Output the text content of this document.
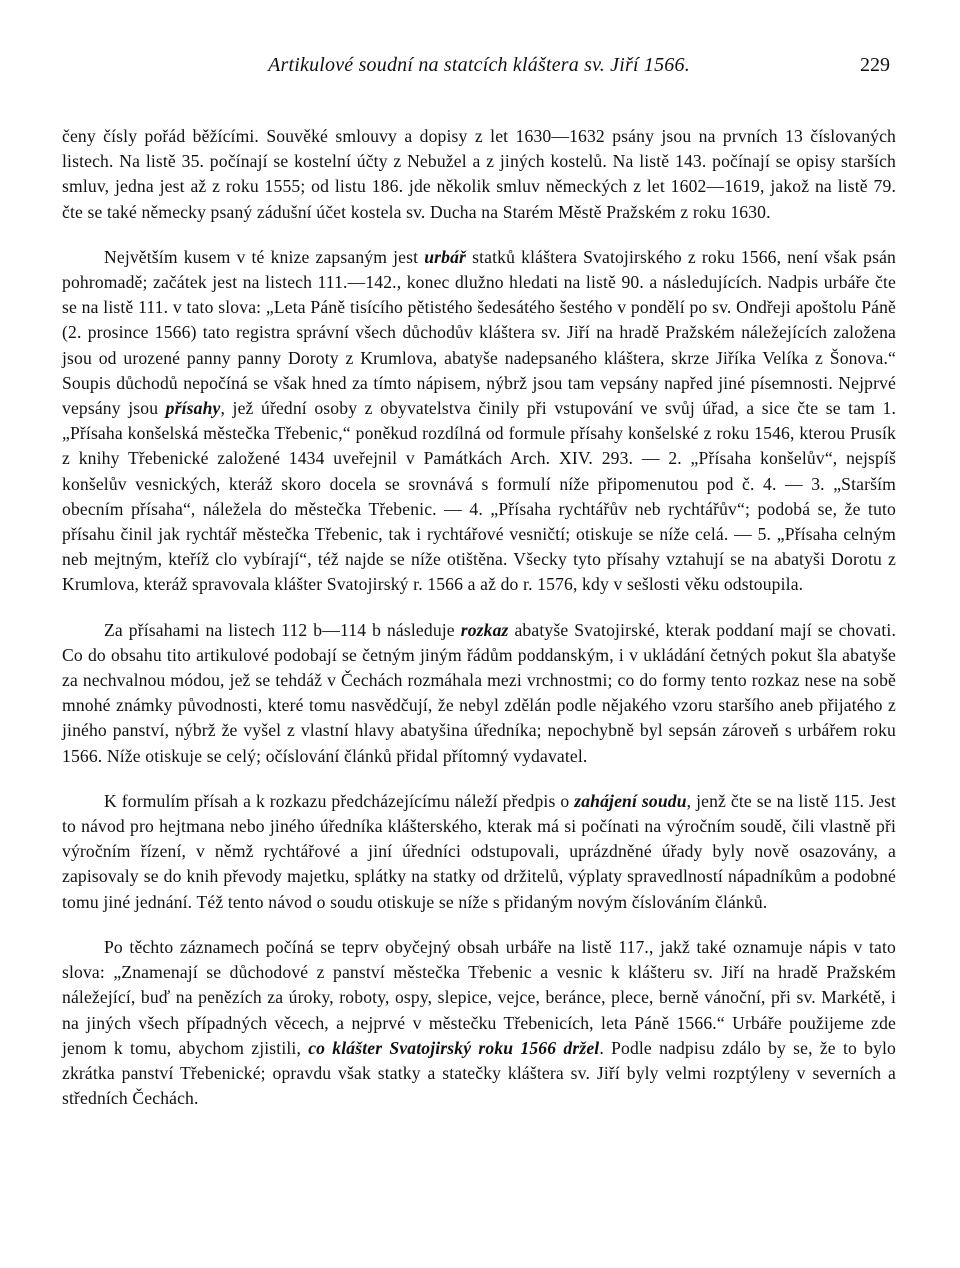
Artikulové soudní na statcích kláštera sv. Jiří 1566.	229

čeny čísly pořád běžícími. Souvěké smlouvy a dopisy z let 1630—1632 psány jsou na prvních 13 číslovaných listech. Na listě 35. počínají se kostelní účty z Nebužel a z jiných kostelů. Na listě 143. počínají se opisy starších smluv, jedna jest až z roku 1555; od listu 186. jde několik smluv německých z let 1602—1619, jakož na listě 79. čte se také německy psaný zádušní účet kostela sv. Ducha na Starém Městě Pražském z roku 1630.

Největším kusem v té knize zapsaným jest urbář statků kláštera Svatojirského z roku 1566, není však psán pohromadě; začátek jest na listech 111.—142., konec dlužno hledati na listě 90. a následujících. Nadpis urbáře čte se na listě 111. v tato slova: „Leta Páně tisícího pětistého šedesátého šestého v pondělí po sv. Ondřeji apoštolu Páně (2. prosince 1566) tato registra správní všech důchodův kláštera sv. Jiří na hradě Pražském náležejících založena jsou od urozené panny panny Doroty z Krumlova, abatyše nadepsaného kláštera, skrze Jiříka Velíka z Šonova.“ Soupis důchodů nepočíná se však hned za tímto nápisem, nýbrž jsou tam vepsány napřed jiné písemnosti. Nejprvé vepsány jsou přísahy, jež úřední osoby z obyvatelstva činily při vstupování ve svůj úřad, a sice čte se tam 1. „Přísaha konšelská městečka Třebenic,“ poněkud rozdílná od formule přísahy konšelské z roku 1546, kterou Prusík z knihy Třebenické založené 1434 uveřejnil v Památkách Arch. XIV. 293. — 2. „Přísaha konšelův“, nejspíš konšelův vesnických, kteráž skoro docela se srovnává s formulí níže připomenutou pod č. 4. — 3. „Starším obecním přísaha“, náležela do městečka Třebenic. — 4. „Přísaha rychtářův neb rychtářův“; podobá se, že tuto přísahu činil jak rychtář městečka Třebenic, tak i rychtářové vesničtí; otiskuje se níže celá. — 5. „Přísaha celným neb mejtným, kteříž clo vybírají“, též najde se níže otištěna. Všecky tyto přísahy vztahují se na abatyši Dorotu z Krumlova, kteráž spravovala klášter Svatojirský r. 1566 a až do r. 1576, kdy v sešlosti věku odstoupila.

Za přísahami na listech 112 b—114 b následuje rozkaz abatyše Svatojirské, kterak poddaní mají se chovati. Co do obsahu tito artikulové podobají se četným jiným řádům poddanským, i v ukládání četných pokut šla abatyše za nechvalnou módou, jež se tehdáž v Čechách rozmáhala mezi vrchnostmi; co do formy tento rozkaz nese na sobě mnohé známky původnosti, které tomu nasvědčují, že nebyl zdělán podle nějakého vzoru staršího aneb přijatého z jiného panství, nýbrž že vyšel z vlastní hlavy abatyšina úředníka; nepochybně byl sepsán zároveň s urbářem roku 1566. Níže otiskuje se celý; očíslování článků přidal přítomný vydavatel.

K formulím přísah a k rozkazu předcházejícímu náleží předpis o zahájení soudu, jenž čte se na listě 115. Jest to návod pro hejtmana nebo jiného úředníka klášterského, kterak má si počínati na výročním soudě, čili vlastně při výročním řízení, v němž rychtářové a jiní úředníci odstupovali, uprázdněné úřady byly nově osazovány, a zapisovaly se do knih převody majetku, splátky na statky od držitelů, výplaty spravedlností nápadníkům a podobné tomu jiné jednání. Též tento návod o soudu otiskuje se níže s přidaným novým číslováním článků.

Po těchto záznamech počíná se teprv obyčejný obsah urbáře na listě 117., jakž také oznamuje nápis v tato slova: „Znamenají se důchodové z panství městečka Třebenic a vesnic k klášteru sv. Jiří na hradě Pražském náležející, buď na penězích za úroky, roboty, ospy, slepice, vejce, beránce, plece, berně vánoční, při sv. Markétě, i na jiných všech případných věcech, a nejprvé v městečku Třebenicích, leta Páně 1566.“ Urbáře použijeme zde jenom k tomu, abychom zjistili, co klášter Svatojirský roku 1566 držel. Podle nadpisu zdálo by se, že to bylo zkrátka panství Třebenické; opravdu však statky a statečky kláštera sv. Jiří byly velmi rozptýleny v severních a středních Čechách.
